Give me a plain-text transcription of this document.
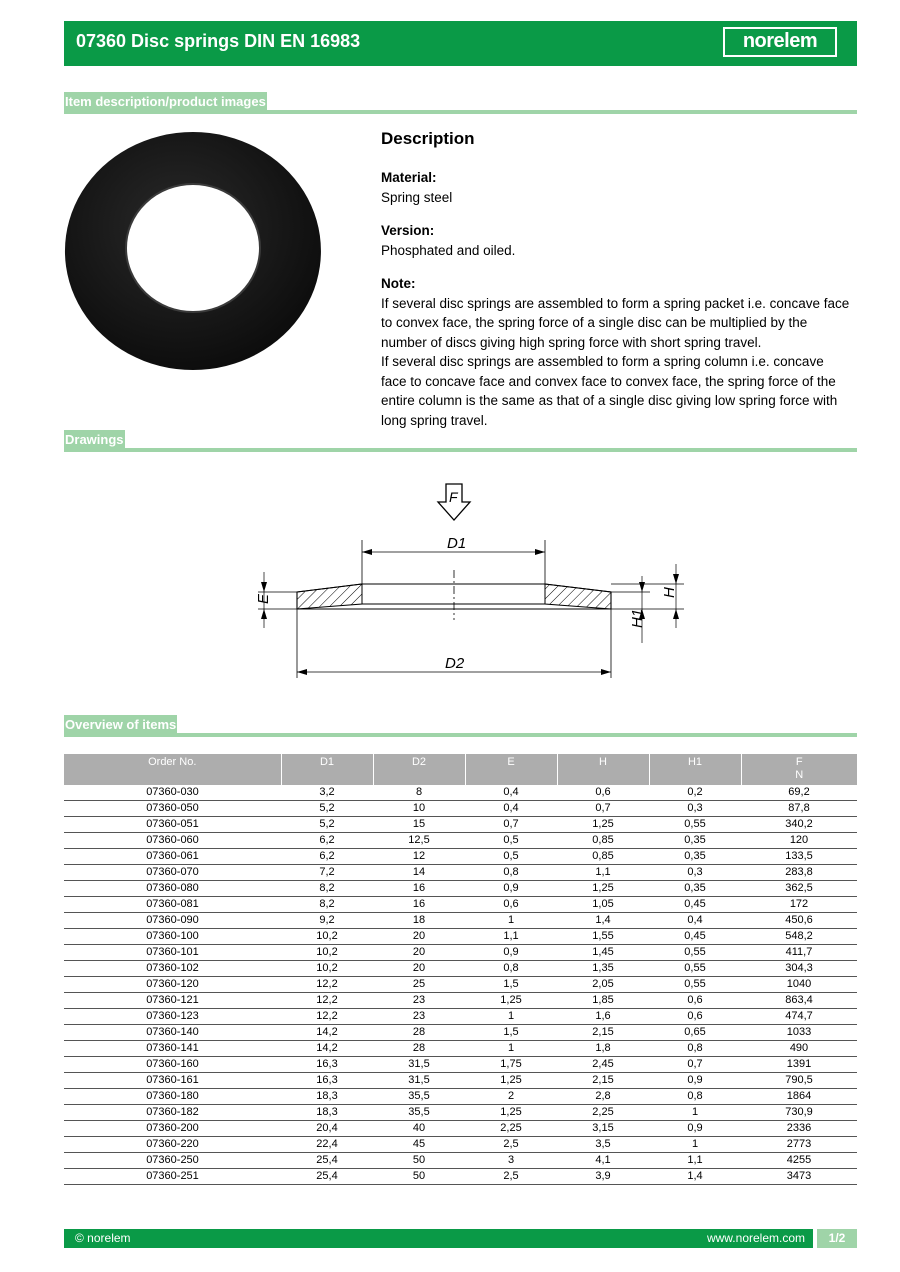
07360 Disc springs DIN EN 16983	norelem
Item description/product images
Description

Material:

Spring steel

Version:

Phosphated and oiled.

Note:

If several disc springs are assembled to form a spring packet i.e. concave face to convex face, the spring force of a single disc can be multiplied by the number of discs giving high spring force with short spring travel.

If several disc springs are assembled to form a spring column i.e. concave face to concave face and convex face to convex face, the spring force of the entire column is the same as that of a single disc giving low spring force with long spring travel.

Drawings
F
D1
E
H
H1
D2
Overview of items
Order No.	D1	D2	E	H	H1	F
N
07360-030	3,2	8	0,4	0,6	0,2	69,2
07360-050	5,2	10	0,4	0,7	0,3	87,8
07360-051	5,2	15	0,7	1,25	0,55	340,2
07360-060	6,2	12,5	0,5	0,85	0,35	120
07360-061	6,2	12	0,5	0,85	0,35	133,5
07360-070	7,2	14	0,8	1,1	0,3	283,8
07360-080	8,2	16	0,9	1,25	0,35	362,5
07360-081	8,2	16	0,6	1,05	0,45	172
07360-090	9,2	18	1	1,4	0,4	450,6
07360-100	10,2	20	1,1	1,55	0,45	548,2
07360-101	10,2	20	0,9	1,45	0,55	411,7
07360-102	10,2	20	0,8	1,35	0,55	304,3
07360-120	12,2	25	1,5	2,05	0,55	1040
07360-121	12,2	23	1,25	1,85	0,6	863,4
07360-123	12,2	23	1	1,6	0,6	474,7
07360-140	14,2	28	1,5	2,15	0,65	1033
07360-141	14,2	28	1	1,8	0,8	490
07360-160	16,3	31,5	1,75	2,45	0,7	1391
07360-161	16,3	31,5	1,25	2,15	0,9	790,5
07360-180	18,3	35,5	2	2,8	0,8	1864
07360-182	18,3	35,5	1,25	2,25	1	730,9
07360-200	20,4	40	2,25	3,15	0,9	2336
07360-220	22,4	45	2,5	3,5	1	2773
07360-250	25,4	50	3	4,1	1,1	4255
07360-251	25,4	50	2,5	3,9	1,4	3473
© norelem	www.norelem.com	1/2
